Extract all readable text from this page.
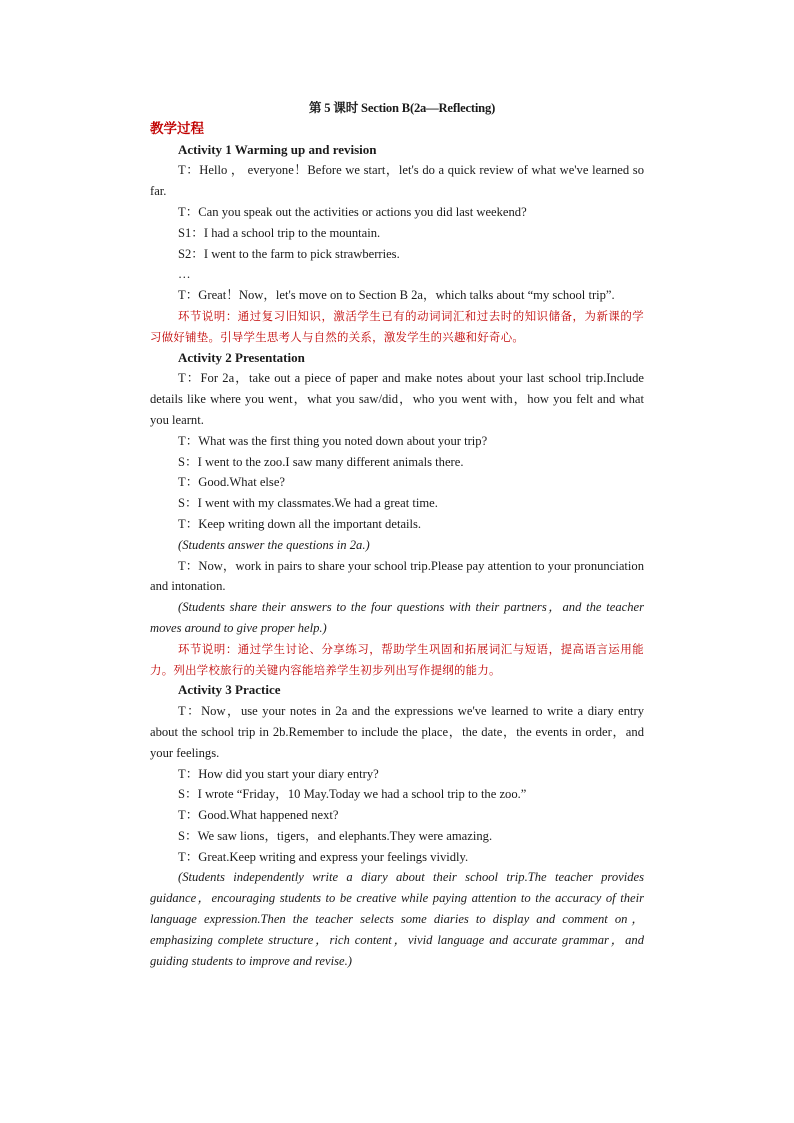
第 5 课时 Section B(2a—Reflecting)
教学过程
Activity 1 Warming up and revision
T：Hello ， everyone！Before we start，let's do a quick review of what we've learned so far.
T：Can you speak out the activities or actions you did last weekend?
S1：I had a school trip to the mountain.
S2：I went to the farm to pick strawberries.
…
T：Great！Now，let's move on to Section B 2a，which talks about “my school trip”.
环节说明：通过复习旧知识，激活学生已有的动词词汇和过去时的知识储备，为新课的学习做好铺垫。引导学生思考人与自然的关系，激发学生的兴趣和好奇心。
Activity 2 Presentation
T：For 2a，take out a piece of paper and make notes about your last school trip.Include details like where you went，what you saw/did，who you went with，how you felt and what you learnt.
T：What was the first thing you noted down about your trip?
S：I went to the zoo.I saw many different animals there.
T：Good.What else?
S：I went with my classmates.We had a great time.
T：Keep writing down all the important details.
(Students answer the questions in 2a.)
T：Now，work in pairs to share your school trip.Please pay attention to your pronunciation and intonation.
(Students share their answers to the four questions with their partners，and the teacher moves around to give proper help.)
环节说明：通过学生讨论、分享练习，帮助学生巩固和拓展词汇与短语，提高语言运用能力。列出学校旅行的关键内容能培养学生初步列出写作提纲的能力。
Activity 3 Practice
T：Now，use your notes in 2a and the expressions we've learned to write a diary entry about the school trip in 2b.Remember to include the place，the date，the events in order，and your feelings.
T：How did you start your diary entry?
S：I wrote “Friday，10 May.Today we had a school trip to the zoo.”
T：Good.What happened next?
S：We saw lions，tigers，and elephants.They were amazing.
T：Great.Keep writing and express your feelings vividly.
(Students independently write a diary about their school trip.The teacher provides guidance，encouraging students to be creative while paying attention to the accuracy of their language expression.Then the teacher selects some diaries to display and comment on，emphasizing complete structure，rich content，vivid language and accurate grammar，and guiding students to improve and revise.)
